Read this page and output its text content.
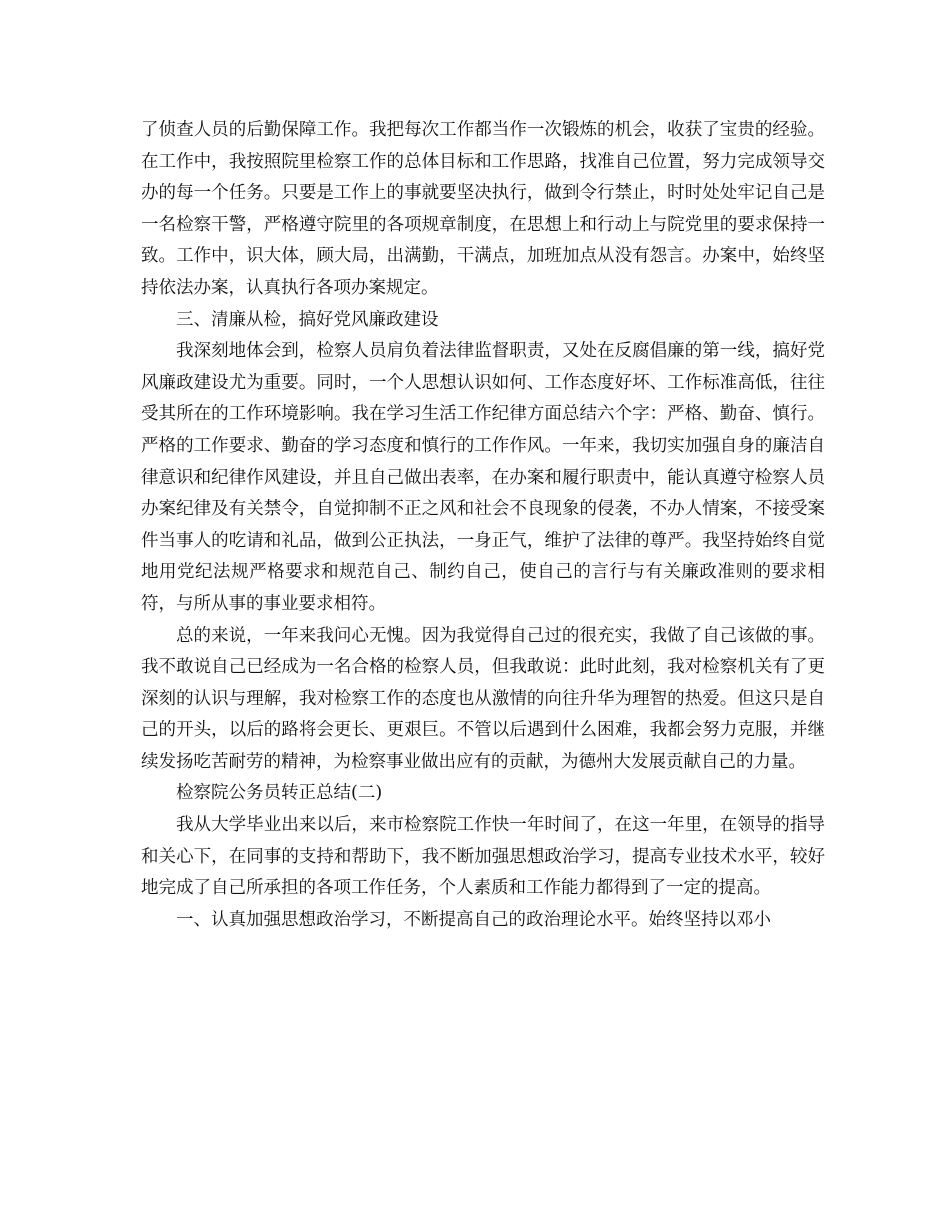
了侦查人员的后勤保障工作。我把每次工作都当作一次锻炼的机会，收获了宝贵的经验。在工作中，我按照院里检察工作的总体目标和工作思路，找准自己位置，努力完成领导交办的每一个任务。只要是工作上的事就要坚决执行，做到令行禁止，时时处处牢记自己是一名检察干警，严格遵守院里的各项规章制度，在思想上和行动上与院党里的要求保持一致。工作中，识大体，顾大局，出满勤，干满点，加班加点从没有怨言。办案中，始终坚持依法办案，认真执行各项办案规定。

三、清廉从检，搞好党风廉政建设

我深刻地体会到，检察人员肩负着法律监督职责，又处在反腐倡廉的第一线，搞好党风廉政建设尤为重要。同时，一个人思想认识如何、工作态度好坏、工作标准高低，往往受其所在的工作环境影响。我在学习生活工作纪律方面总结六个字：严格、勤奋、慎行。严格的工作要求、勤奋的学习态度和慎行的工作作风。一年来，我切实加强自身的廉洁自律意识和纪律作风建设，并且自己做出表率，在办案和履行职责中，能认真遵守检察人员办案纪律及有关禁令，自觉抑制不正之风和社会不良现象的侵袭，不办人情案，不接受案件当事人的吃请和礼品，做到公正执法，一身正气，维护了法律的尊严。我坚持始终自觉地用党纪法规严格要求和规范自己、制约自己，使自己的言行与有关廉政准则的要求相符，与所从事的事业要求相符。

总的来说，一年来我问心无愧。因为我觉得自己过的很充实，我做了自己该做的事。我不敢说自己已经成为一名合格的检察人员，但我敢说：此时此刻，我对检察机关有了更深刻的认识与理解，我对检察工作的态度也从激情的向往升华为理智的热爱。但这只是自己的开头，以后的路将会更长、更艰巨。不管以后遇到什么困难，我都会努力克服，并继续发扬吃苦耐劳的精神，为检察事业做出应有的贡献，为德州大发展贡献自己的力量。

检察院公务员转正总结(二)

我从大学毕业出来以后，来市检察院工作快一年时间了，在这一年里，在领导的指导和关心下，在同事的支持和帮助下，我不断加强思想政治学习，提高专业技术水平，较好地完成了自己所承担的各项工作任务，个人素质和工作能力都得到了一定的提高。

一、认真加强思想政治学习，不断提高自己的政治理论水平。始终坚持以邓小
